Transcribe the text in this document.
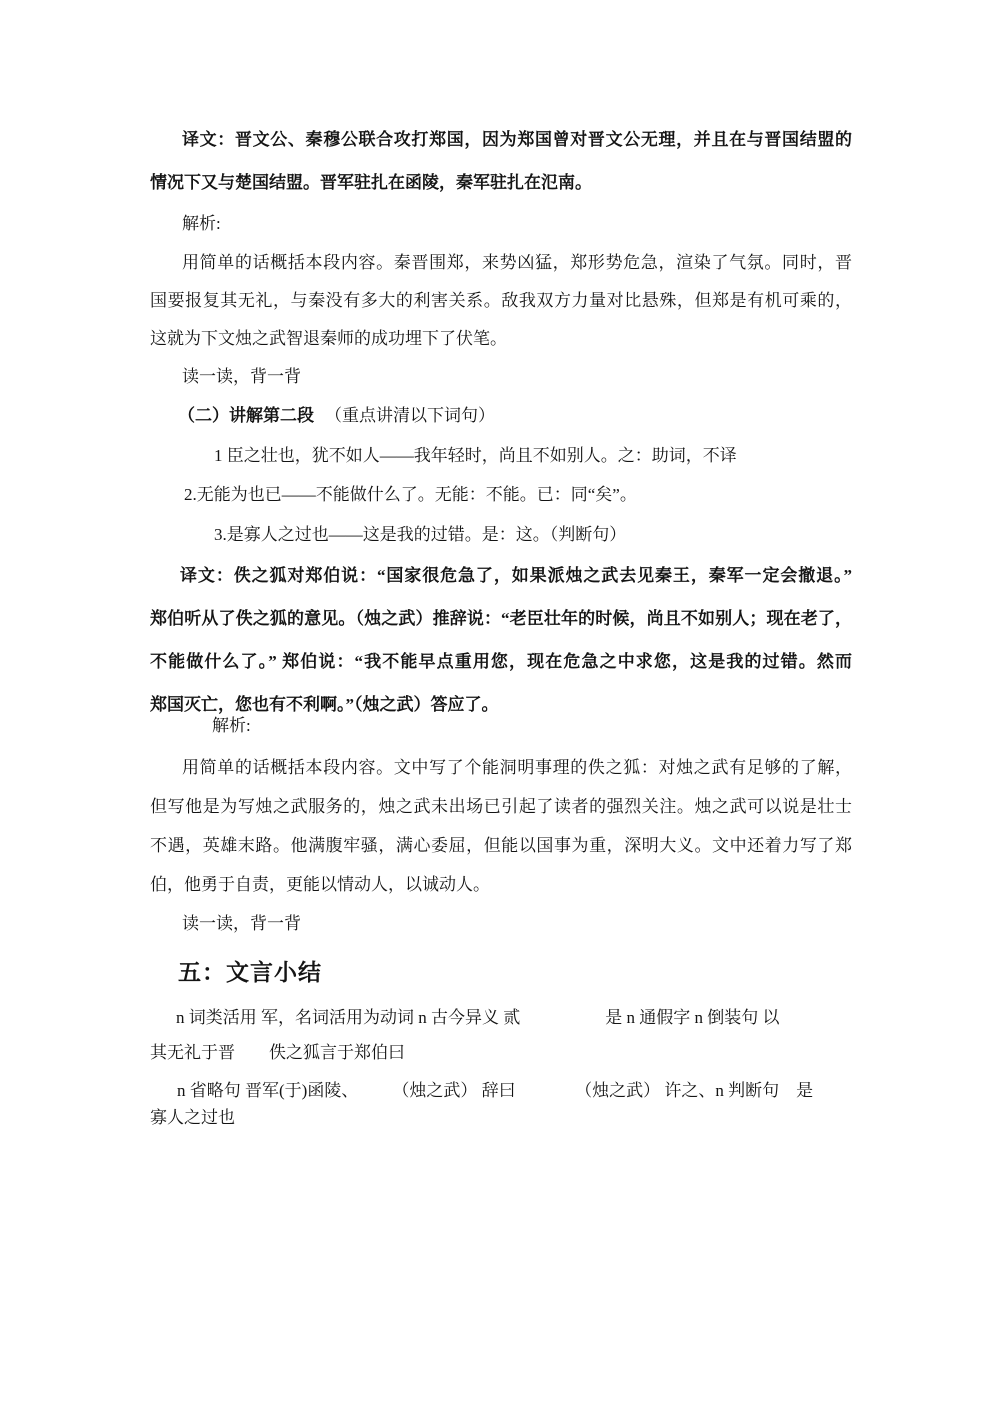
译文：晋文公、秦穆公联合攻打郑国，因为郑国曾对晋文公无理，并且在与晋国结盟的
情况下又与楚国结盟。晋军驻扎在函陵，秦军驻扎在氾南。
解析:
用简单的话概括本段内容。秦晋围郑，来势凶猛，郑形势危急，渲染了气氛。同时，晋
国要报复其无礼，与秦没有多大的利害关系。敌我双方力量对比悬殊，但郑是有机可乘的，
这就为下文烛之武智退秦师的成功埋下了伏笔。
读一读，背一背
（二）讲解第二段 （重点讲清以下词句）
1 臣之壮也，犹不如人——我年轻时，尚且不如别人。之：助词，不译
2.无能为也已——不能做什么了。无能：不能。已：同“矣”。
3.是寡人之过也——这是我的过错。是：这。（判断句）
译文：佚之狐对郑伯说：“国家很危急了，如果派烛之武去见秦王，秦军一定会撤退。”
郑伯听从了佚之狐的意见。（烛之武）推辞说：“老臣壮年的时候，尚且不如别人；现在老了，
不能做什么了。” 郑伯说：“我不能早点重用您，现在危急之中求您，这是我的过错。然而
郑国灭亡，您也有不利啊。”（烛之武）答应了。
解析:
用简单的话概括本段内容。文中写了个能洞明事理的佚之狐：对烛之武有足够的了解，
但写他是为写烛之武服务的，烛之武未出场已引起了读者的强烈关注。烛之武可以说是壮士
不遇，英雄末路。他满腹牢骚，满心委屈，但能以国事为重，深明大义。文中还着力写了郑
伯，他勇于自责，更能以情动人，以诚动人。
读一读，背一背
五：文言小结
n 词类活用 军，名词活用为动词 n 古今异义 贰　　　　　是 n 通假字 n 倒装句 以
其无礼于晋　　佚之狐言于郑伯曰
n 省略句 晋军(于)函陵、　　　（烛之武） 辞曰　　　　（烛之武） 许之、n 判断句　是
寡人之过也
